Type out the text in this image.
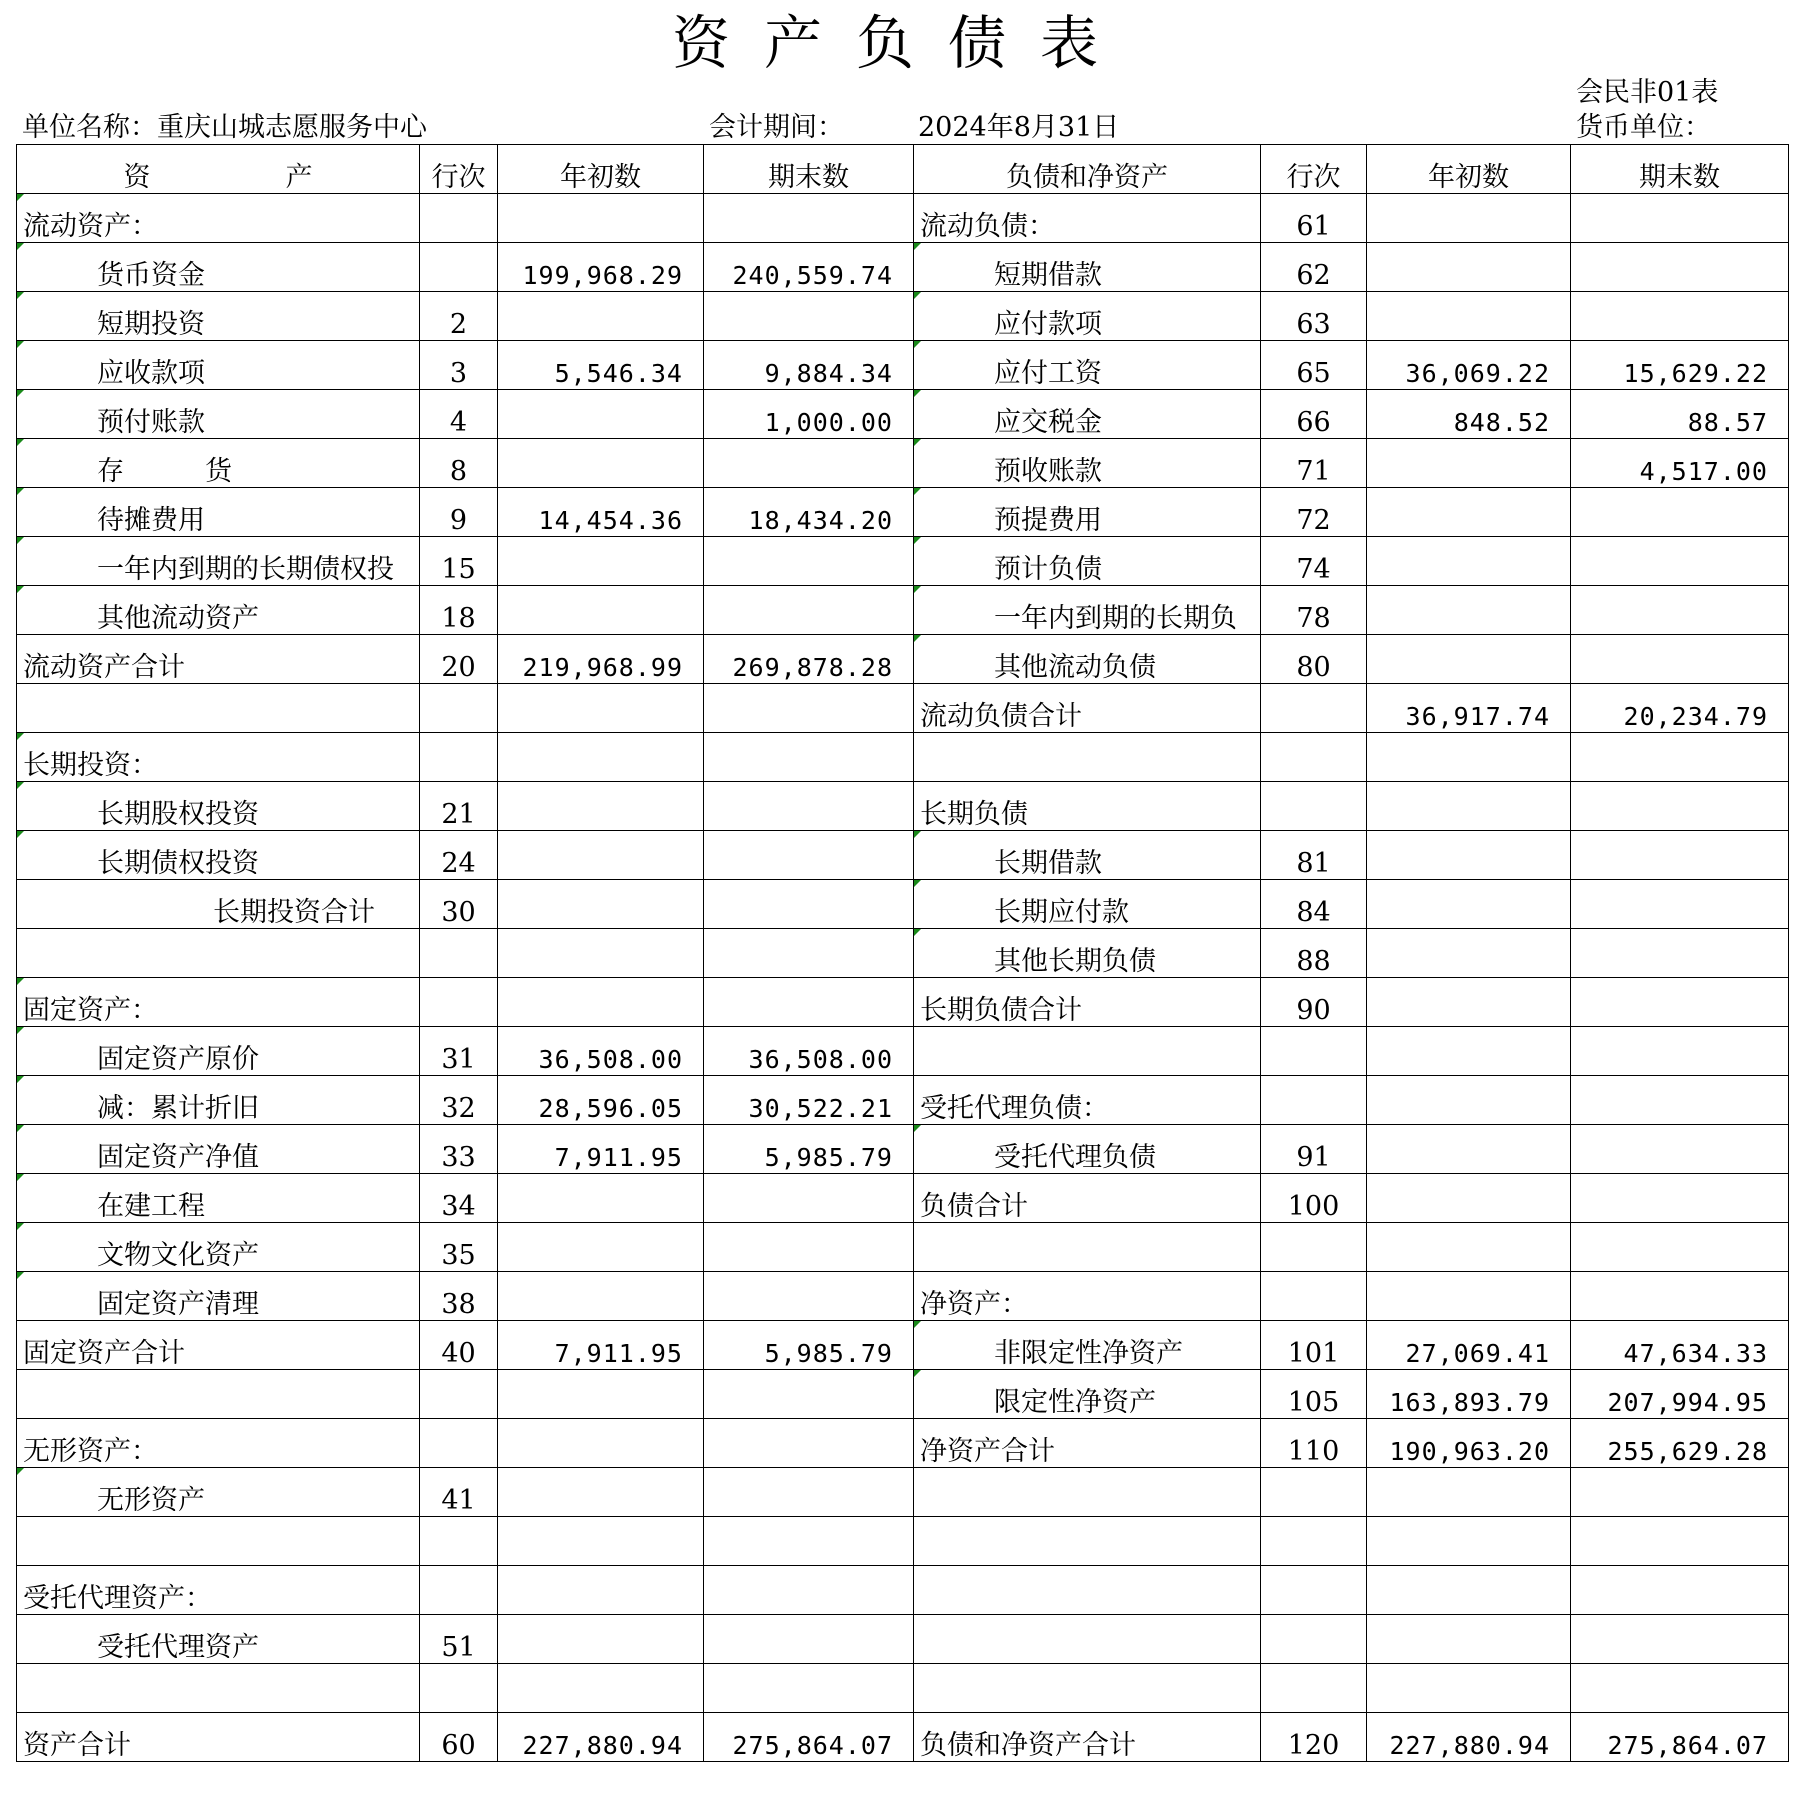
资产负债表
会民非01表
单位名称：重庆山城志愿服务中心	会计期间：	2024年8月31日	货币单位：
资　　　　　产	行次	年初数	期末数	负债和净资产	行次	年初数	期末数
流动资产：				流动负债：	61		
货币资金		199,968.29	240,559.74	短期借款	62		
短期投资	2			应付款项	63		
应收款项	3	5,546.34	9,884.34	应付工资	65	36,069.22	15,629.22
预付账款	4		1,000.00	应交税金	66	848.52	88.57
存　　　货	8			预收账款	71		4,517.00
待摊费用	9	14,454.36	18,434.20	预提费用	72		
一年内到期的长期债权投	15			预计负债	74		
其他流动资产	18			一年内到期的长期负	78		
流动资产合计	20	219,968.99	269,878.28	其他流动负债	80		
				流动负债合计		36,917.74	20,234.79
长期投资：							
长期股权投资	21			长期负债			
长期债权投资	24			长期借款	81		
长期投资合计	30			长期应付款	84		
				其他长期负债	88		
固定资产：				长期负债合计	90		
固定资产原价	31	36,508.00	36,508.00				
减：累计折旧	32	28,596.05	30,522.21	受托代理负债：			
固定资产净值	33	7,911.95	5,985.79	受托代理负债	91		
在建工程	34			负债合计	100		
文物文化资产	35						
固定资产清理	38			净资产：			
固定资产合计	40	7,911.95	5,985.79	非限定性净资产	101	27,069.41	47,634.33
				限定性净资产	105	163,893.79	207,994.95
无形资产：				净资产合计	110	190,963.20	255,629.28
无形资产	41						

受托代理资产：							
受托代理资产	51						

资产合计	60	227,880.94	275,864.07	负债和净资产合计	120	227,880.94	275,864.07
